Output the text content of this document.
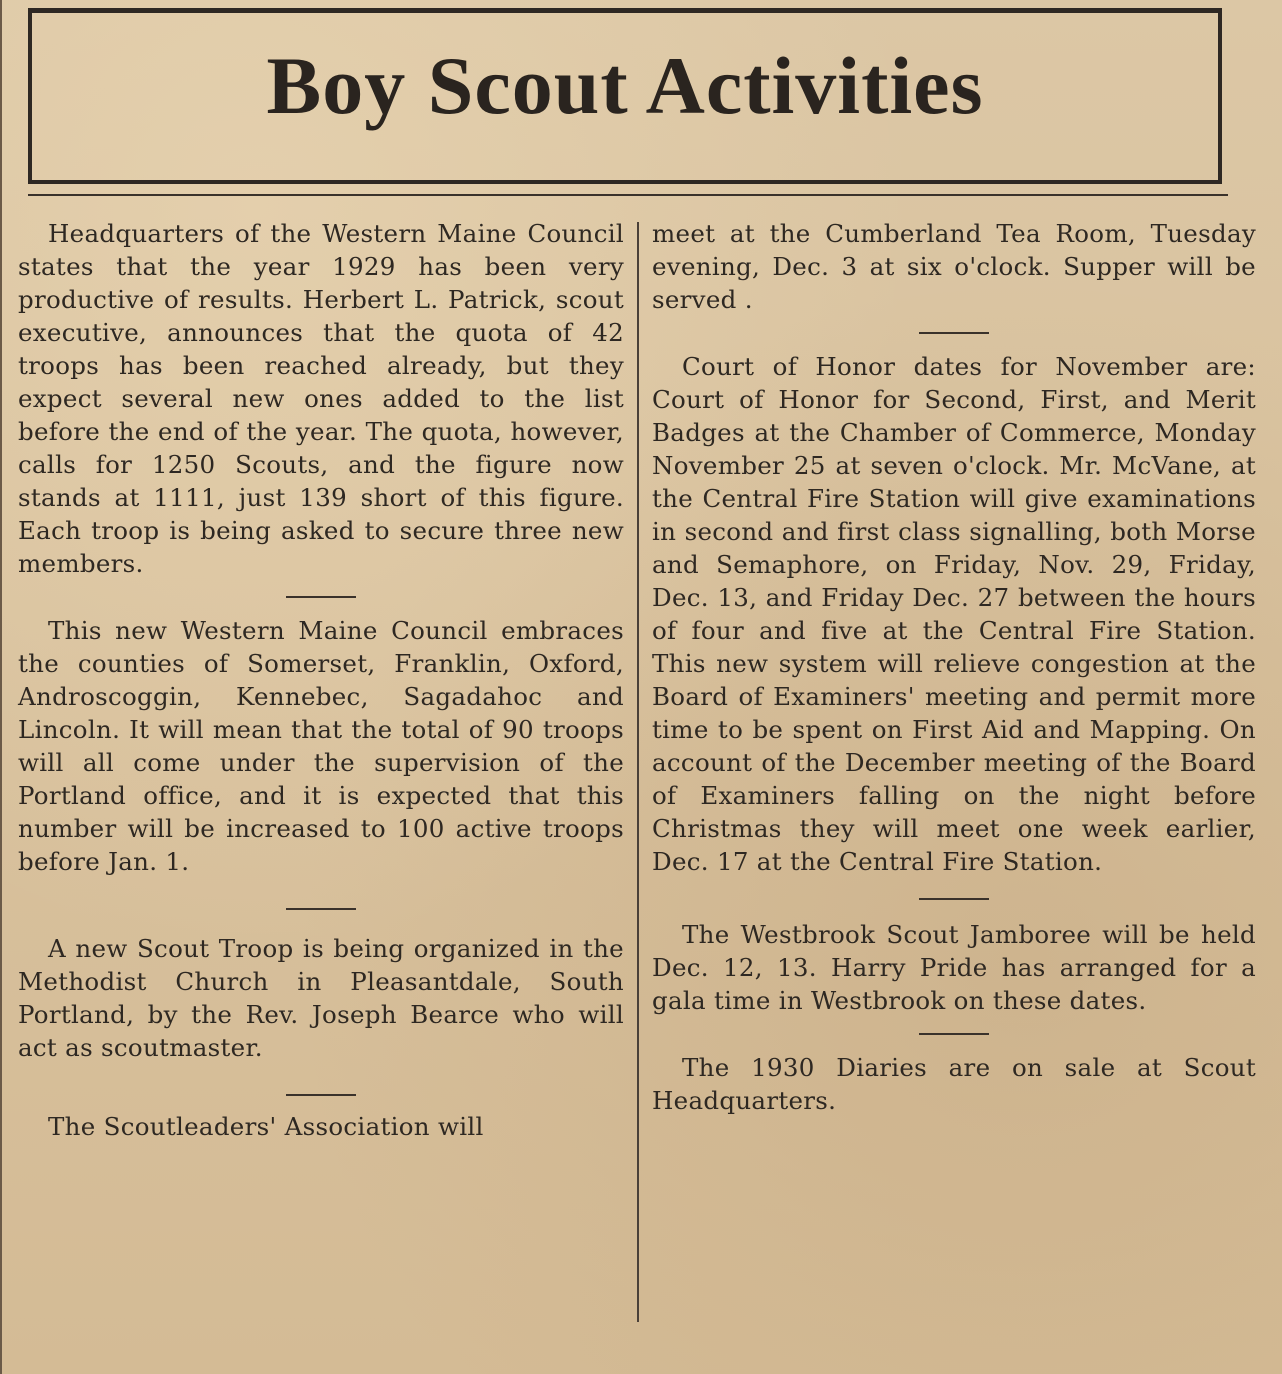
Boy Scout Activities

Headquarters of the Western Maine Council states that the year 1929 has been very productive of results. Herbert L. Patrick, scout executive, announces that the quota of 42 troops has been reached already, but they expect several new ones added to the list before the end of the year. The quota, however, calls for 1250 Scouts, and the figure now stands at 1111, just 139 short of this figure. Each troop is being asked to secure three new members.

This new Western Maine Council embraces the counties of Somerset, Franklin, Oxford, Androscoggin, Kennebec, Sagadahoc and Lincoln. It will mean that the total of 90 troops will all come under the supervision of the Portland office, and it is expected that this number will be increased to 100 active troops before Jan. 1.

A new Scout Troop is being organized in the Methodist Church in Pleasantdale, South Portland, by the Rev. Joseph Bearce who will act as scoutmaster.

The Scoutleaders' Association will

meet at the Cumberland Tea Room, Tuesday evening, Dec. 3 at six o'clock. Supper will be served .

Court of Honor dates for November are: Court of Honor for Second, First, and Merit Badges at the Chamber of Commerce, Monday November 25 at seven o'clock. Mr. McVane, at the Central Fire Station will give examinations in second and first class signalling, both Morse and Semaphore, on Friday, Nov. 29, Friday, Dec. 13, and Friday Dec. 27 between the hours of four and five at the Central Fire Station. This new system will relieve congestion at the Board of Examiners' meeting and permit more time to be spent on First Aid and Mapping. On account of the December meeting of the Board of Examiners falling on the night before Christmas they will meet one week earlier, Dec. 17 at the Central Fire Station.

The Westbrook Scout Jamboree will be held Dec. 12, 13. Harry Pride has arranged for a gala time in Westbrook on these dates.

The 1930 Diaries are on sale at Scout Headquarters.
